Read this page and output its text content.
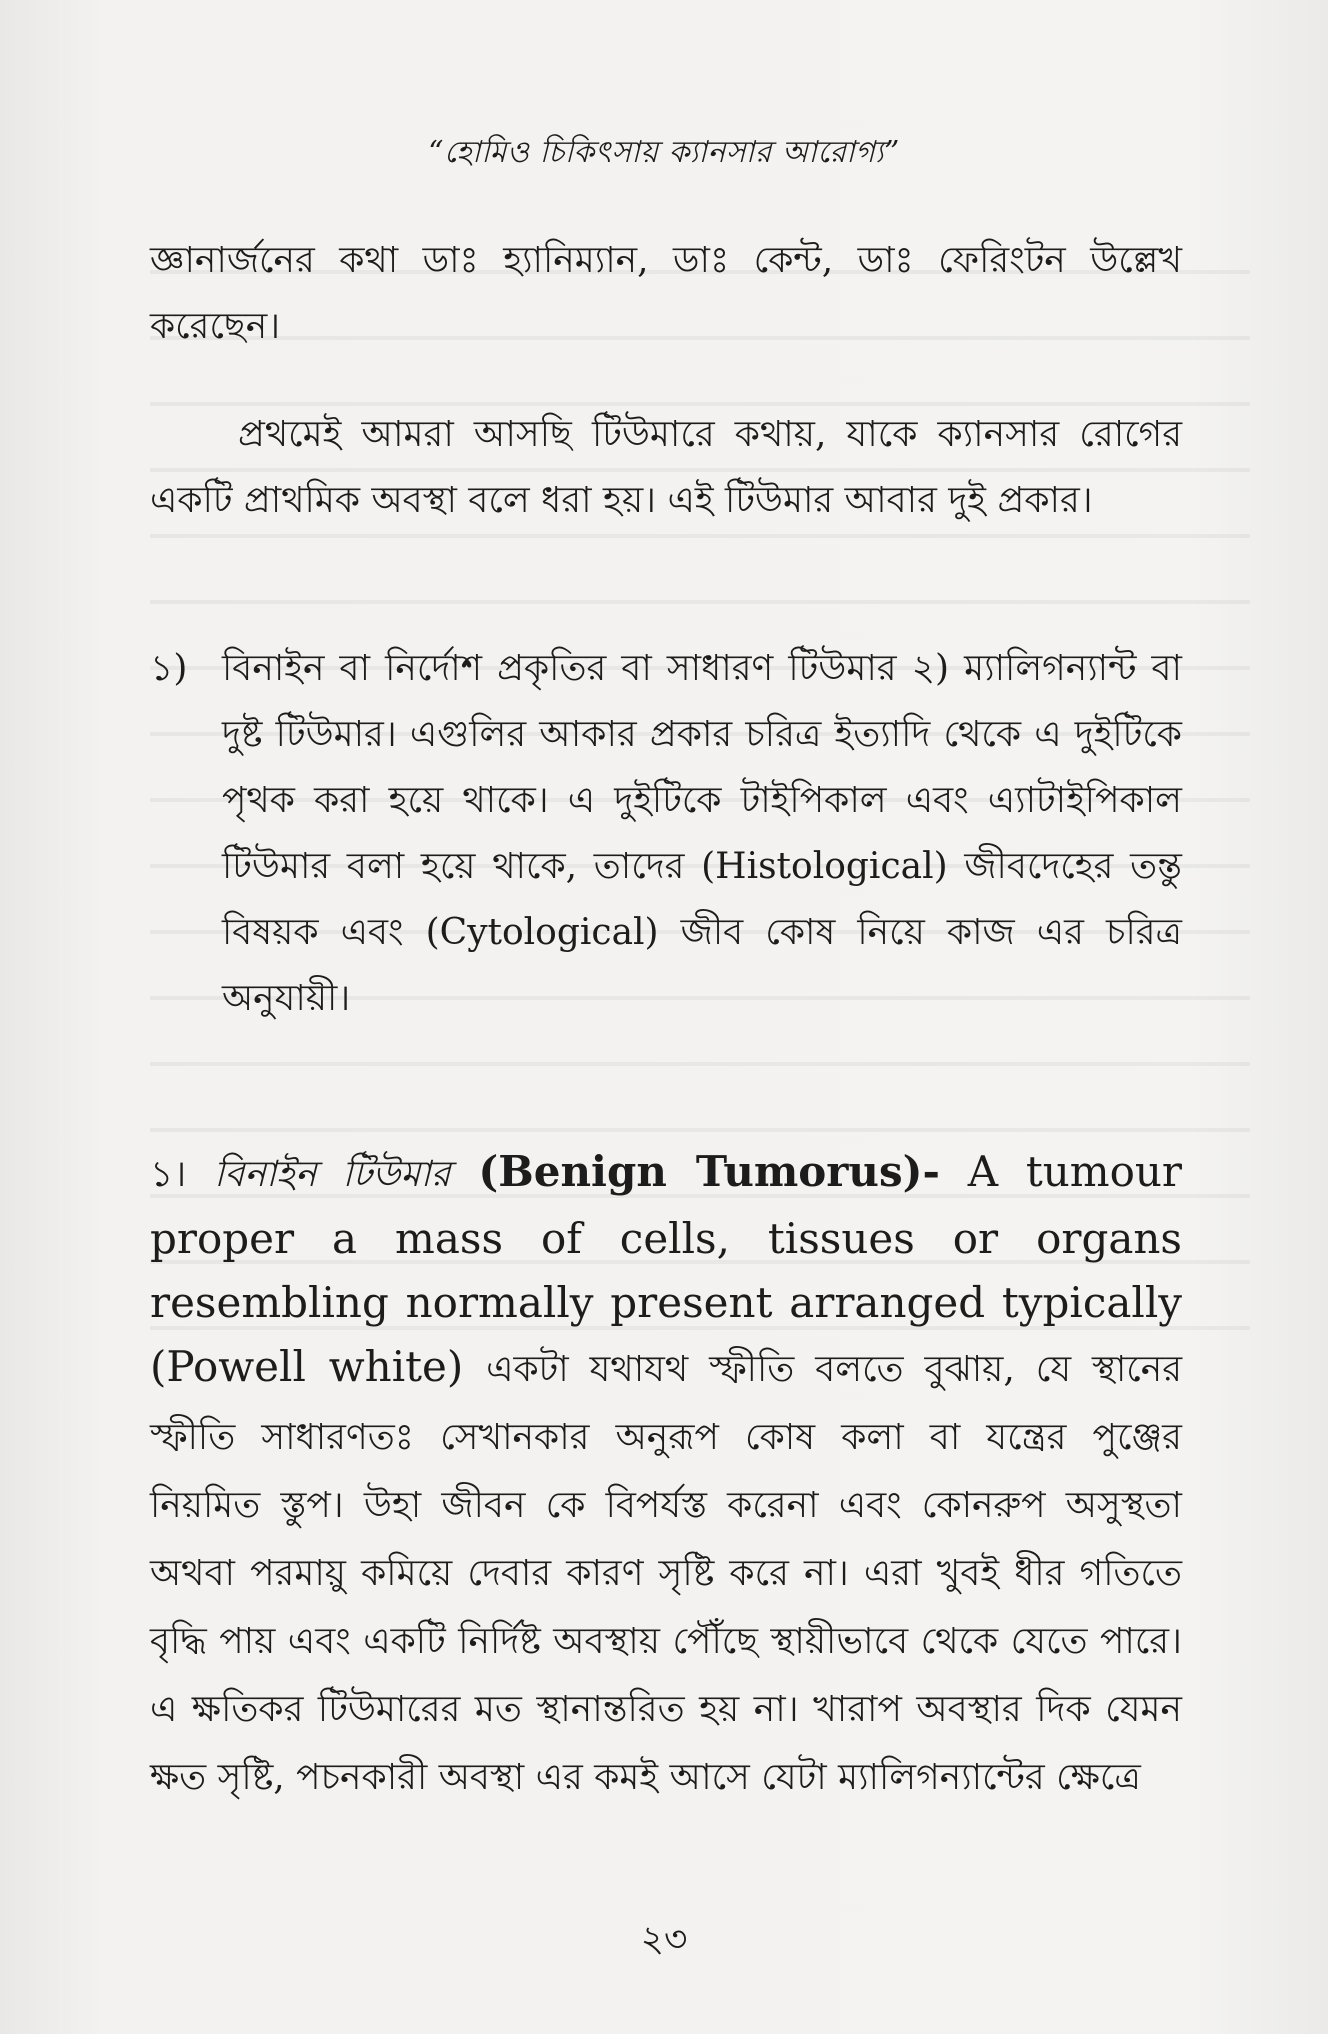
“হোমিও চিকিৎসায় ক্যানসার আরোগ্য”
জ্ঞানার্জনের কথা ডাঃ হ্যানিম্যান, ডাঃ কেন্ট, ডাঃ ফেরিংটন উল্লেখ করেছেন।
প্রথমেই আমরা আসছি টিউমারে কথায়, যাকে ক্যানসার রোগের একটি প্রাথমিক অবস্থা বলে ধরা হয়। এই টিউমার আবার দুই প্রকার।
১) বিনাইন বা নির্দোশ প্রকৃতির বা সাধারণ টিউমার ২) ম্যালিগন্যান্ট বা দুষ্ট টিউমার। এগুলির আকার প্রকার চরিত্র ইত্যাদি থেকে এ দুইটিকে পৃথক করা হয়ে থাকে। এ দুইটিকে টাইপিকাল এবং এ্যাটাইপিকাল টিউমার বলা হয়ে থাকে, তাদের (Histological) জীবদেহের তন্তু বিষয়ক এবং (Cytological) জীব কোষ নিয়ে কাজ এর চরিত্র অনুযায়ী।
১। বিনাইন টিউমার (Benign Tumorus)- A tumour proper a mass of cells, tissues or organs resembling normally present arranged typically (Powell white) একটা যথাযথ স্ফীতি বলতে বুঝায়, যে স্থানের স্ফীতি সাধারণতঃ সেখানকার অনুরূপ কোষ কলা বা যন্ত্রের পুঞ্জের নিয়মিত স্তুপ। উহা জীবন কে বিপর্যস্ত করেনা এবং কোনরুপ অসুস্থতা অথবা পরমায়ু কমিয়ে দেবার কারণ সৃষ্টি করে না। এরা খুবই ধীর গতিতে বৃদ্ধি পায় এবং একটি নির্দিষ্ট অবস্থায় পৌঁছে স্থায়ীভাবে থেকে যেতে পারে। এ ক্ষতিকর টিউমারের মত স্থানান্তরিত হয় না। খারাপ অবস্থার দিক যেমন ক্ষত সৃষ্টি, পচনকারী অবস্থা এর কমই আসে যেটা ম্যালিগন্যান্টের ক্ষেত্রে
২৩
